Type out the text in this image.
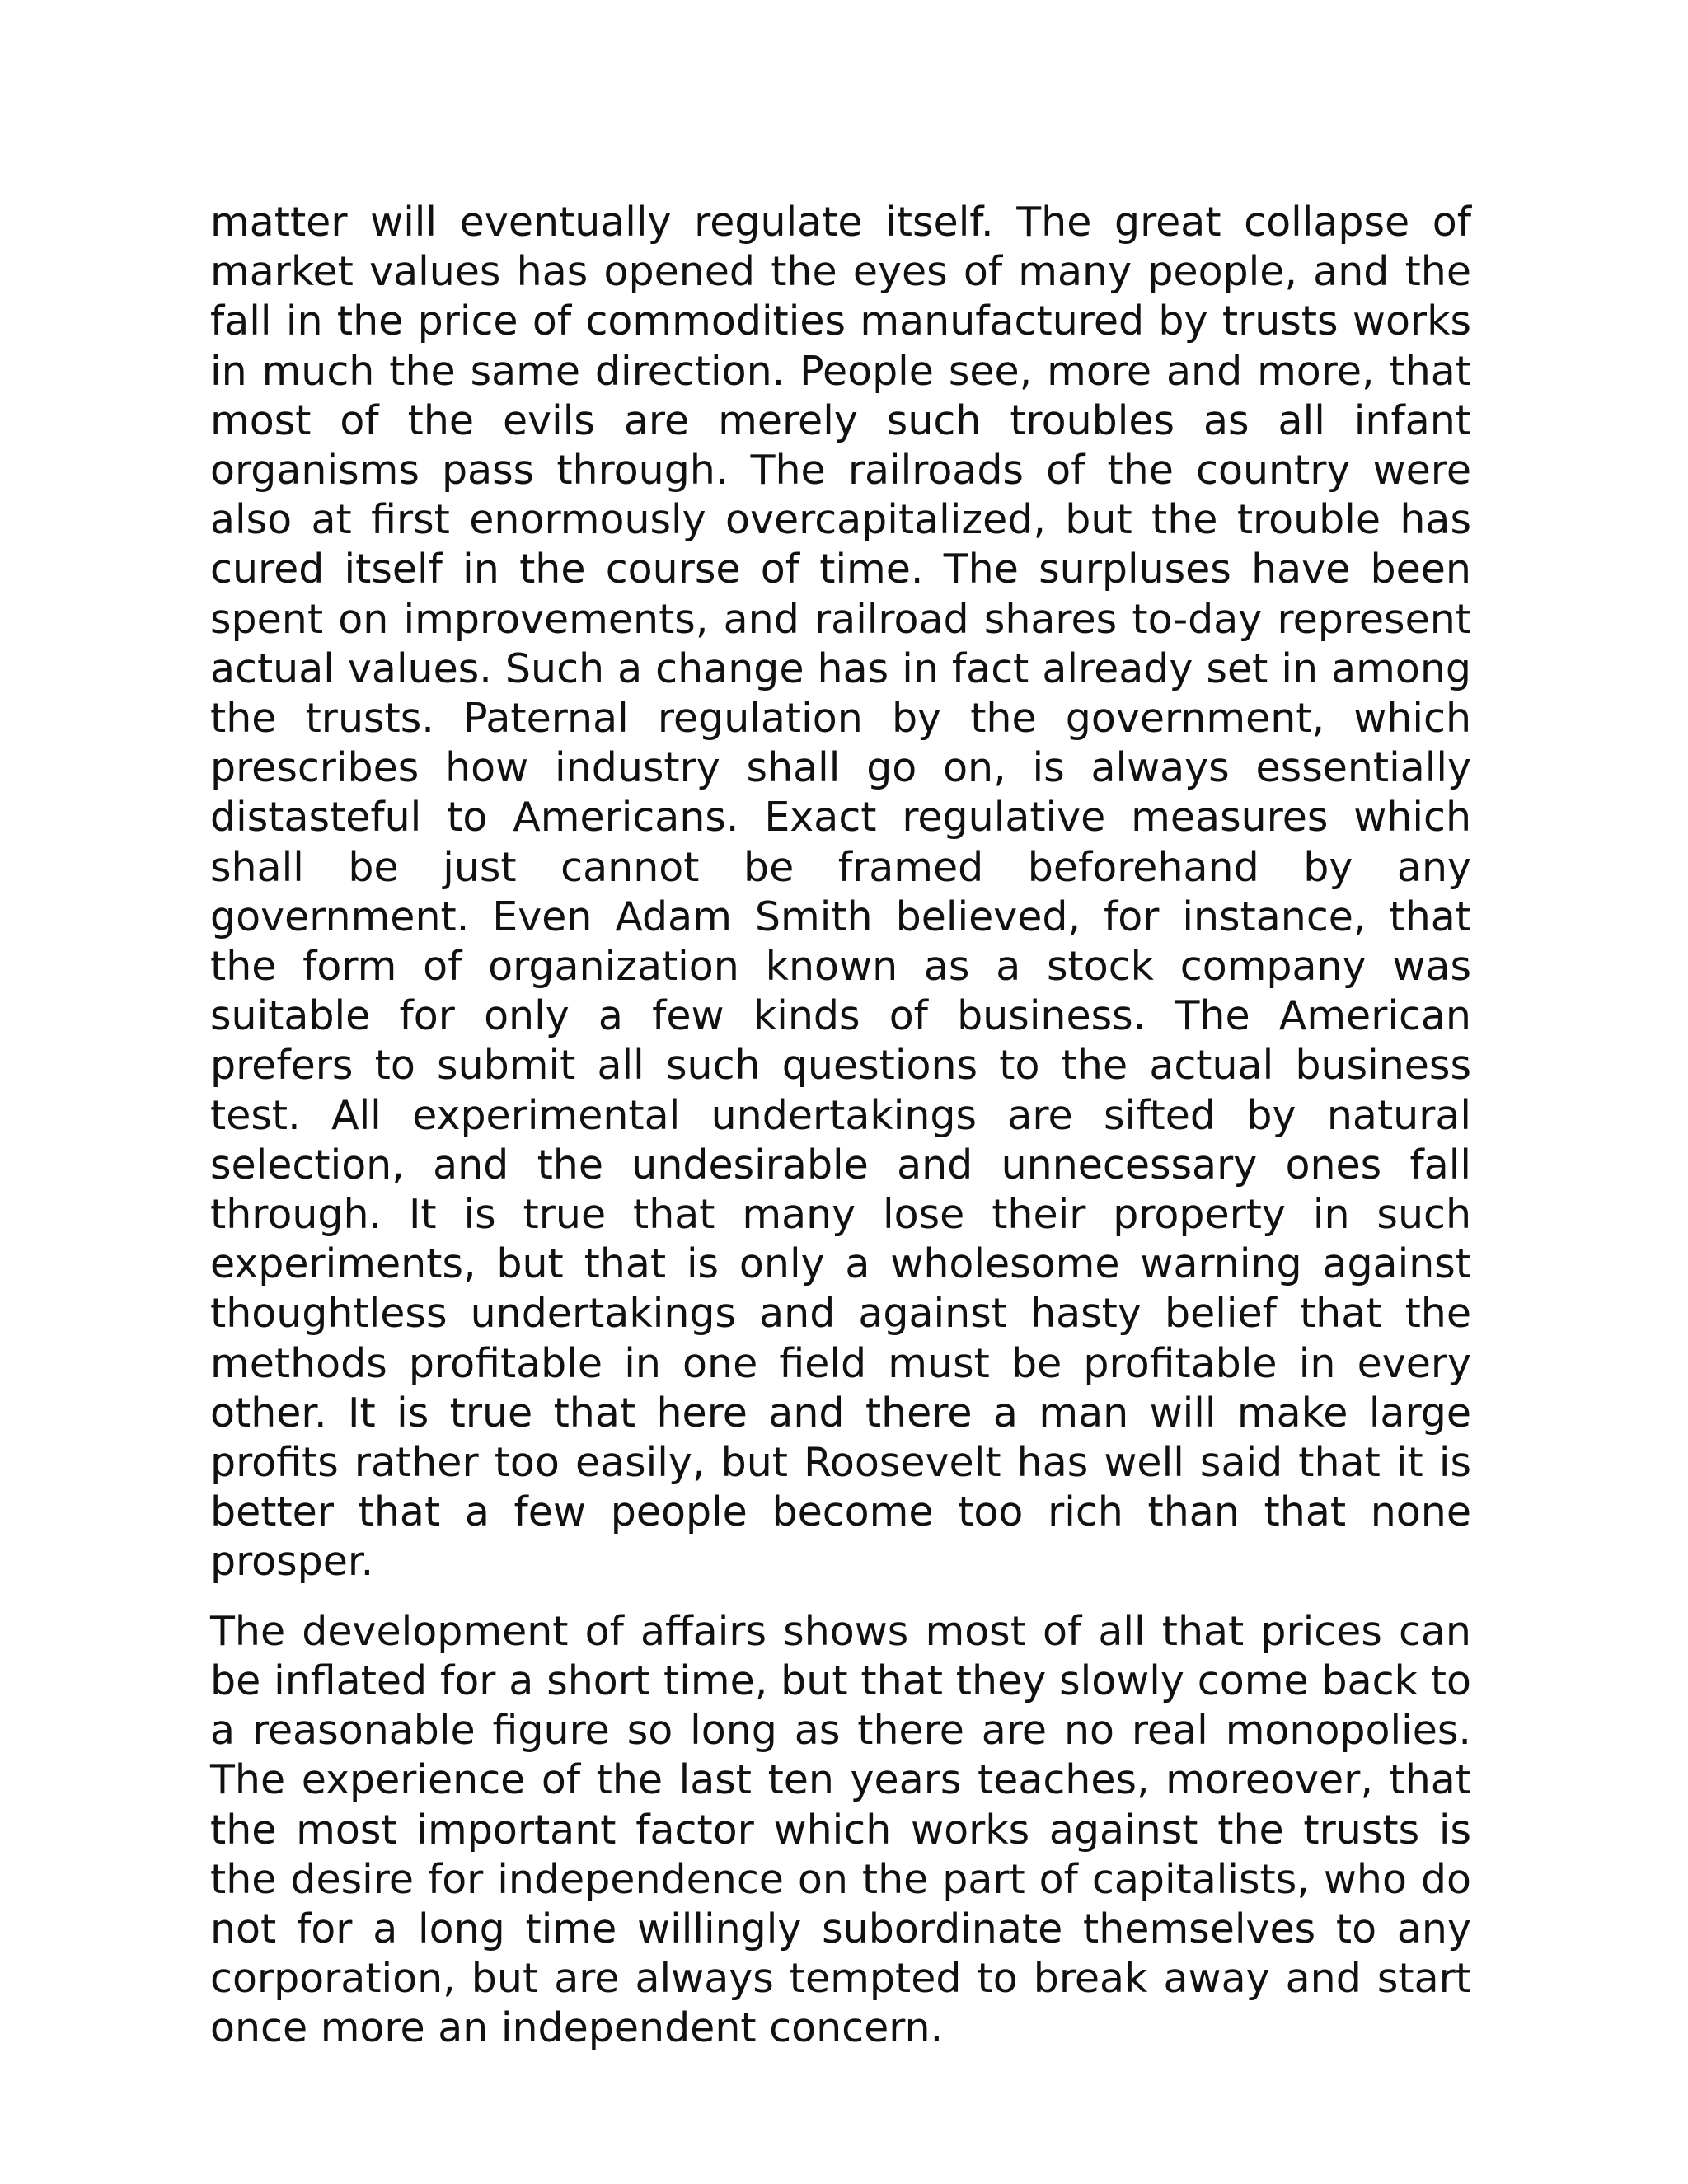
matter will eventually regulate itself. The great collapse of market values has opened the eyes of many people, and the fall in the price of commodities manufactured by trusts works in much the same direction. People see, more and more, that most of the evils are merely such troubles as all infant organisms pass through. The railroads of the country were also at first enormously overcapitalized, but the trouble has cured itself in the course of time. The surpluses have been spent on improvements, and railroad shares to-day represent actual values. Such a change has in fact already set in among the trusts. Paternal regulation by the government, which prescribes how industry shall go on, is always essentially distasteful to Americans. Exact regulative measures which shall be just cannot be framed beforehand by any government. Even Adam Smith believed, for instance, that the form of organization known as a stock company was suitable for only a few kinds of business. The American prefers to submit all such questions to the actual business test. All experimental undertakings are sifted by natural selection, and the undesirable and unnecessary ones fall through. It is true that many lose their property in such experiments, but that is only a wholesome warning against thoughtless undertakings and against hasty belief that the methods profitable in one field must be profitable in every other. It is true that here and there a man will make large profits rather too easily, but Roosevelt has well said that it is better that a few people become too rich than that none prosper.

The development of affairs shows most of all that prices can be inflated for a short time, but that they slowly come back to a reasonable figure so long as there are no real monopolies. The experience of the last ten years teaches, moreover, that the most important factor which works against the trusts is the desire for independence on the part of capitalists, who do not for a long time willingly subordinate themselves to any corporation, but are always tempted to break away and start once more an independent concern.
